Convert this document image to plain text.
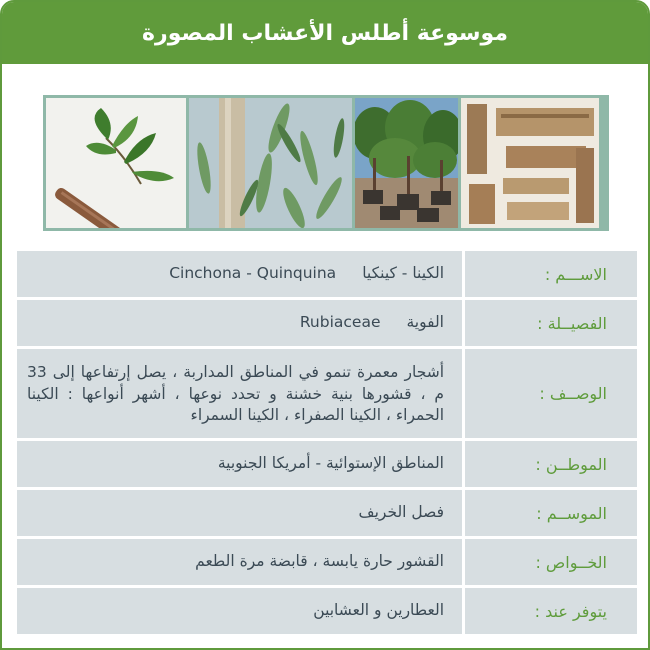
موسوعة أطلس الأعشاب المصورة
الاســـم :
الكينا - كينكيا
Cinchona - Quinquina
الفصيــلة :
الفوية
Rubiaceae
الوصــف :
أشجار معمرة تنمو في المناطق المداربة ، يصل إرتفاعها إلى 33 م ، قشورها بنية خشنة و تحدد نوعها ، أشهر أنواعها : الكينا الحمراء ، الكينا الصفراء ، الكينا السمراء
الموطــن :
المناطق الإستوائية - أمريكا الجنوبية
الموســم :
فصل الخريف
الخــواص :
القشور حارة يابسة ، قابضة مرة الطعم
يتوفر عند :
العطارين و العشابين
